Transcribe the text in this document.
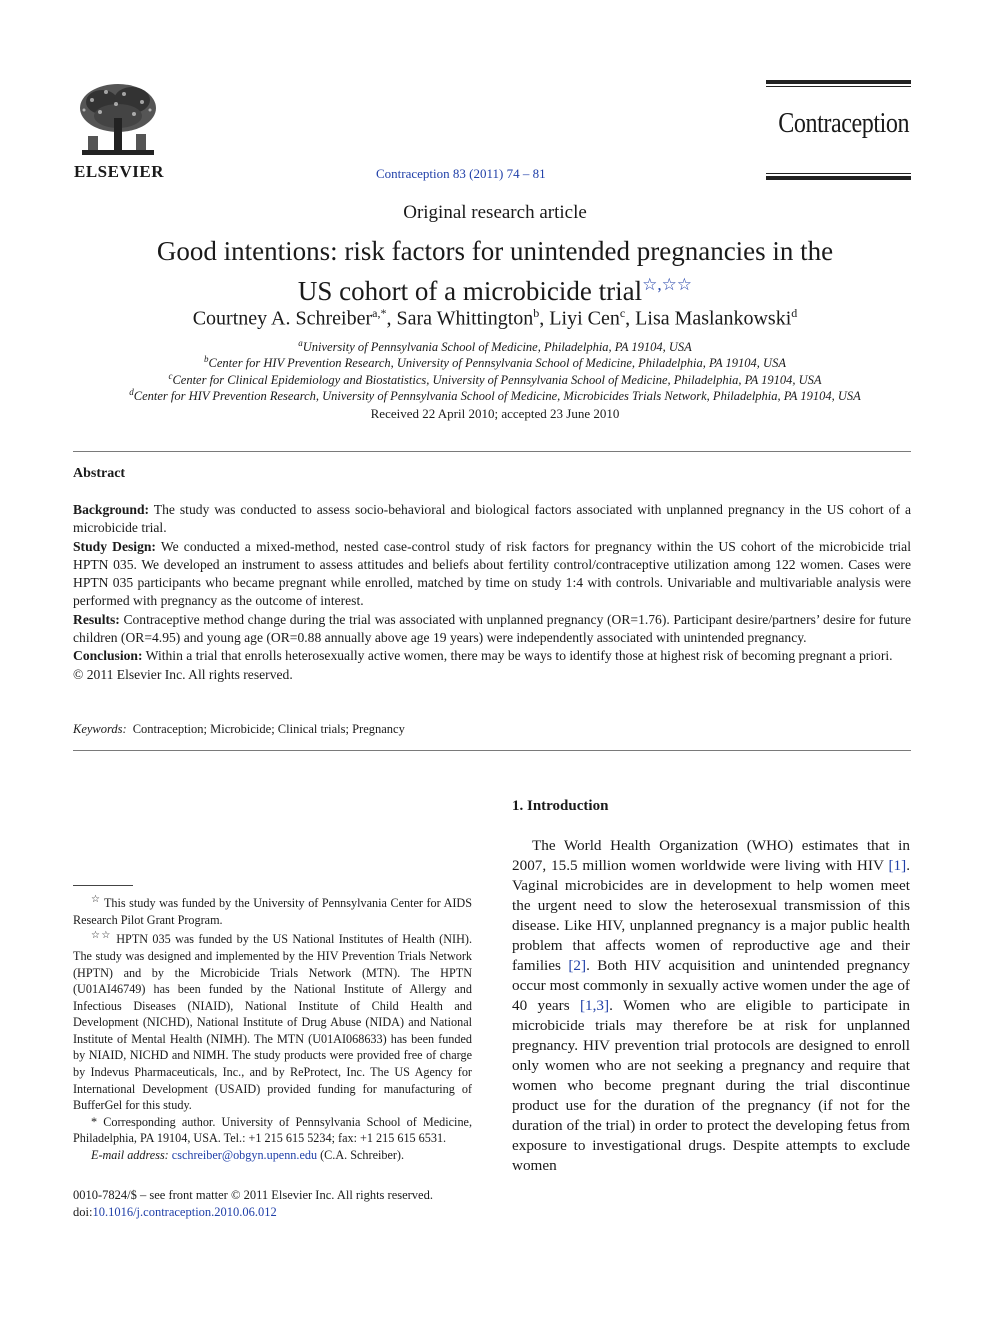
ELSEVIER	Contraception 83 (2011) 74 – 81
Contraception
Original research article
Good intentions: risk factors for unintended pregnancies in the
US cohort of a microbicide trial☆,☆☆
Courtney A. Schreiber$^{a,*}$, Sara Whittington$^b$, Liyi Cen$^c$, Lisa Maslankowski$^d$
$^a$University of Pennsylvania School of Medicine, Philadelphia, PA 19104, USA
$^b$Center for HIV Prevention Research, University of Pennsylvania School of Medicine, Philadelphia, PA 19104, USA
$^c$Center for Clinical Epidemiology and Biostatistics, University of Pennsylvania School of Medicine, Philadelphia, PA 19104, USA
$^d$Center for HIV Prevention Research, University of Pennsylvania School of Medicine, Microbicides Trials Network, Philadelphia, PA 19104, USA
Received 22 April 2010; accepted 23 June 2010
Abstract

Background: The study was conducted to assess socio-behavioral and biological factors associated with unplanned pregnancy in the US cohort of a microbicide trial.

Study Design: We conducted a mixed-method, nested case-control study of risk factors for pregnancy within the US cohort of the microbicide trial HPTN 035. We developed an instrument to assess attitudes and beliefs about fertility control/contraceptive utilization among 122 women. Cases were HPTN 035 participants who became pregnant while enrolled, matched by time on study 1:4 with controls. Univariable and multivariable analysis were performed with pregnancy as the outcome of interest.

Results: Contraceptive method change during the trial was associated with unplanned pregnancy (OR=1.76). Participant desire/partners’ desire for future children (OR=4.95) and young age (OR=0.88 annually above age 19 years) were independently associated with unintended pregnancy.

Conclusion: Within a trial that enrolls heterosexually active women, there may be ways to identify those at highest risk of becoming pregnant a priori.

© 2011 Elsevier Inc. All rights reserved.

Keywords: Contraception; Microbicide; Clinical trials; Pregnancy

☆ This study was funded by the University of Pennsylvania Center for AIDS Research Pilot Grant Program.

☆☆ HPTN 035 was funded by the US National Institutes of Health (NIH). The study was designed and implemented by the HIV Prevention Trials Network (HPTN) and by the Microbicide Trials Network (MTN). The HPTN (U01AI46749) has been funded by the National Institute of Allergy and Infectious Diseases (NIAID), National Institute of Child Health and Development (NICHD), National Institute of Drug Abuse (NIDA) and National Institute of Mental Health (NIMH). The MTN (U01AI068633) has been funded by NIAID, NICHD and NIMH. The study products were provided free of charge by Indevus Pharmaceuticals, Inc., and by ReProtect, Inc. The US Agency for International Development (USAID) provided funding for manufacturing of BufferGel for this study.

* Corresponding author. University of Pennsylvania School of Medicine, Philadelphia, PA 19104, USA. Tel.: +1 215 615 5234; fax: +1 215 615 6531.

E-mail address: cschreiber@obgyn.upenn.edu (C.A. Schreiber).

0010-7824/$ – see front matter © 2011 Elsevier Inc. All rights reserved.
doi:10.1016/j.contraception.2010.06.012
1. Introduction

The World Health Organization (WHO) estimates that in 2007, 15.5 million women worldwide were living with HIV [1]. Vaginal microbicides are in development to help women meet the urgent need to slow the heterosexual transmission of this disease. Like HIV, unplanned pregnancy is a major public health problem that affects women of reproductive age and their families [2]. Both HIV acquisition and unintended pregnancy occur most commonly in sexually active women under the age of 40 years [1,3]. Women who are eligible to participate in microbicide trials may therefore be at risk for unplanned pregnancy. HIV prevention trial protocols are designed to enroll only women who are not seeking a pregnancy and require that women who become pregnant during the trial discontinue product use for the duration of the pregnancy (if not for the duration of the trial) in order to protect the developing fetus from exposure to investigational drugs. Despite attempts to exclude women
